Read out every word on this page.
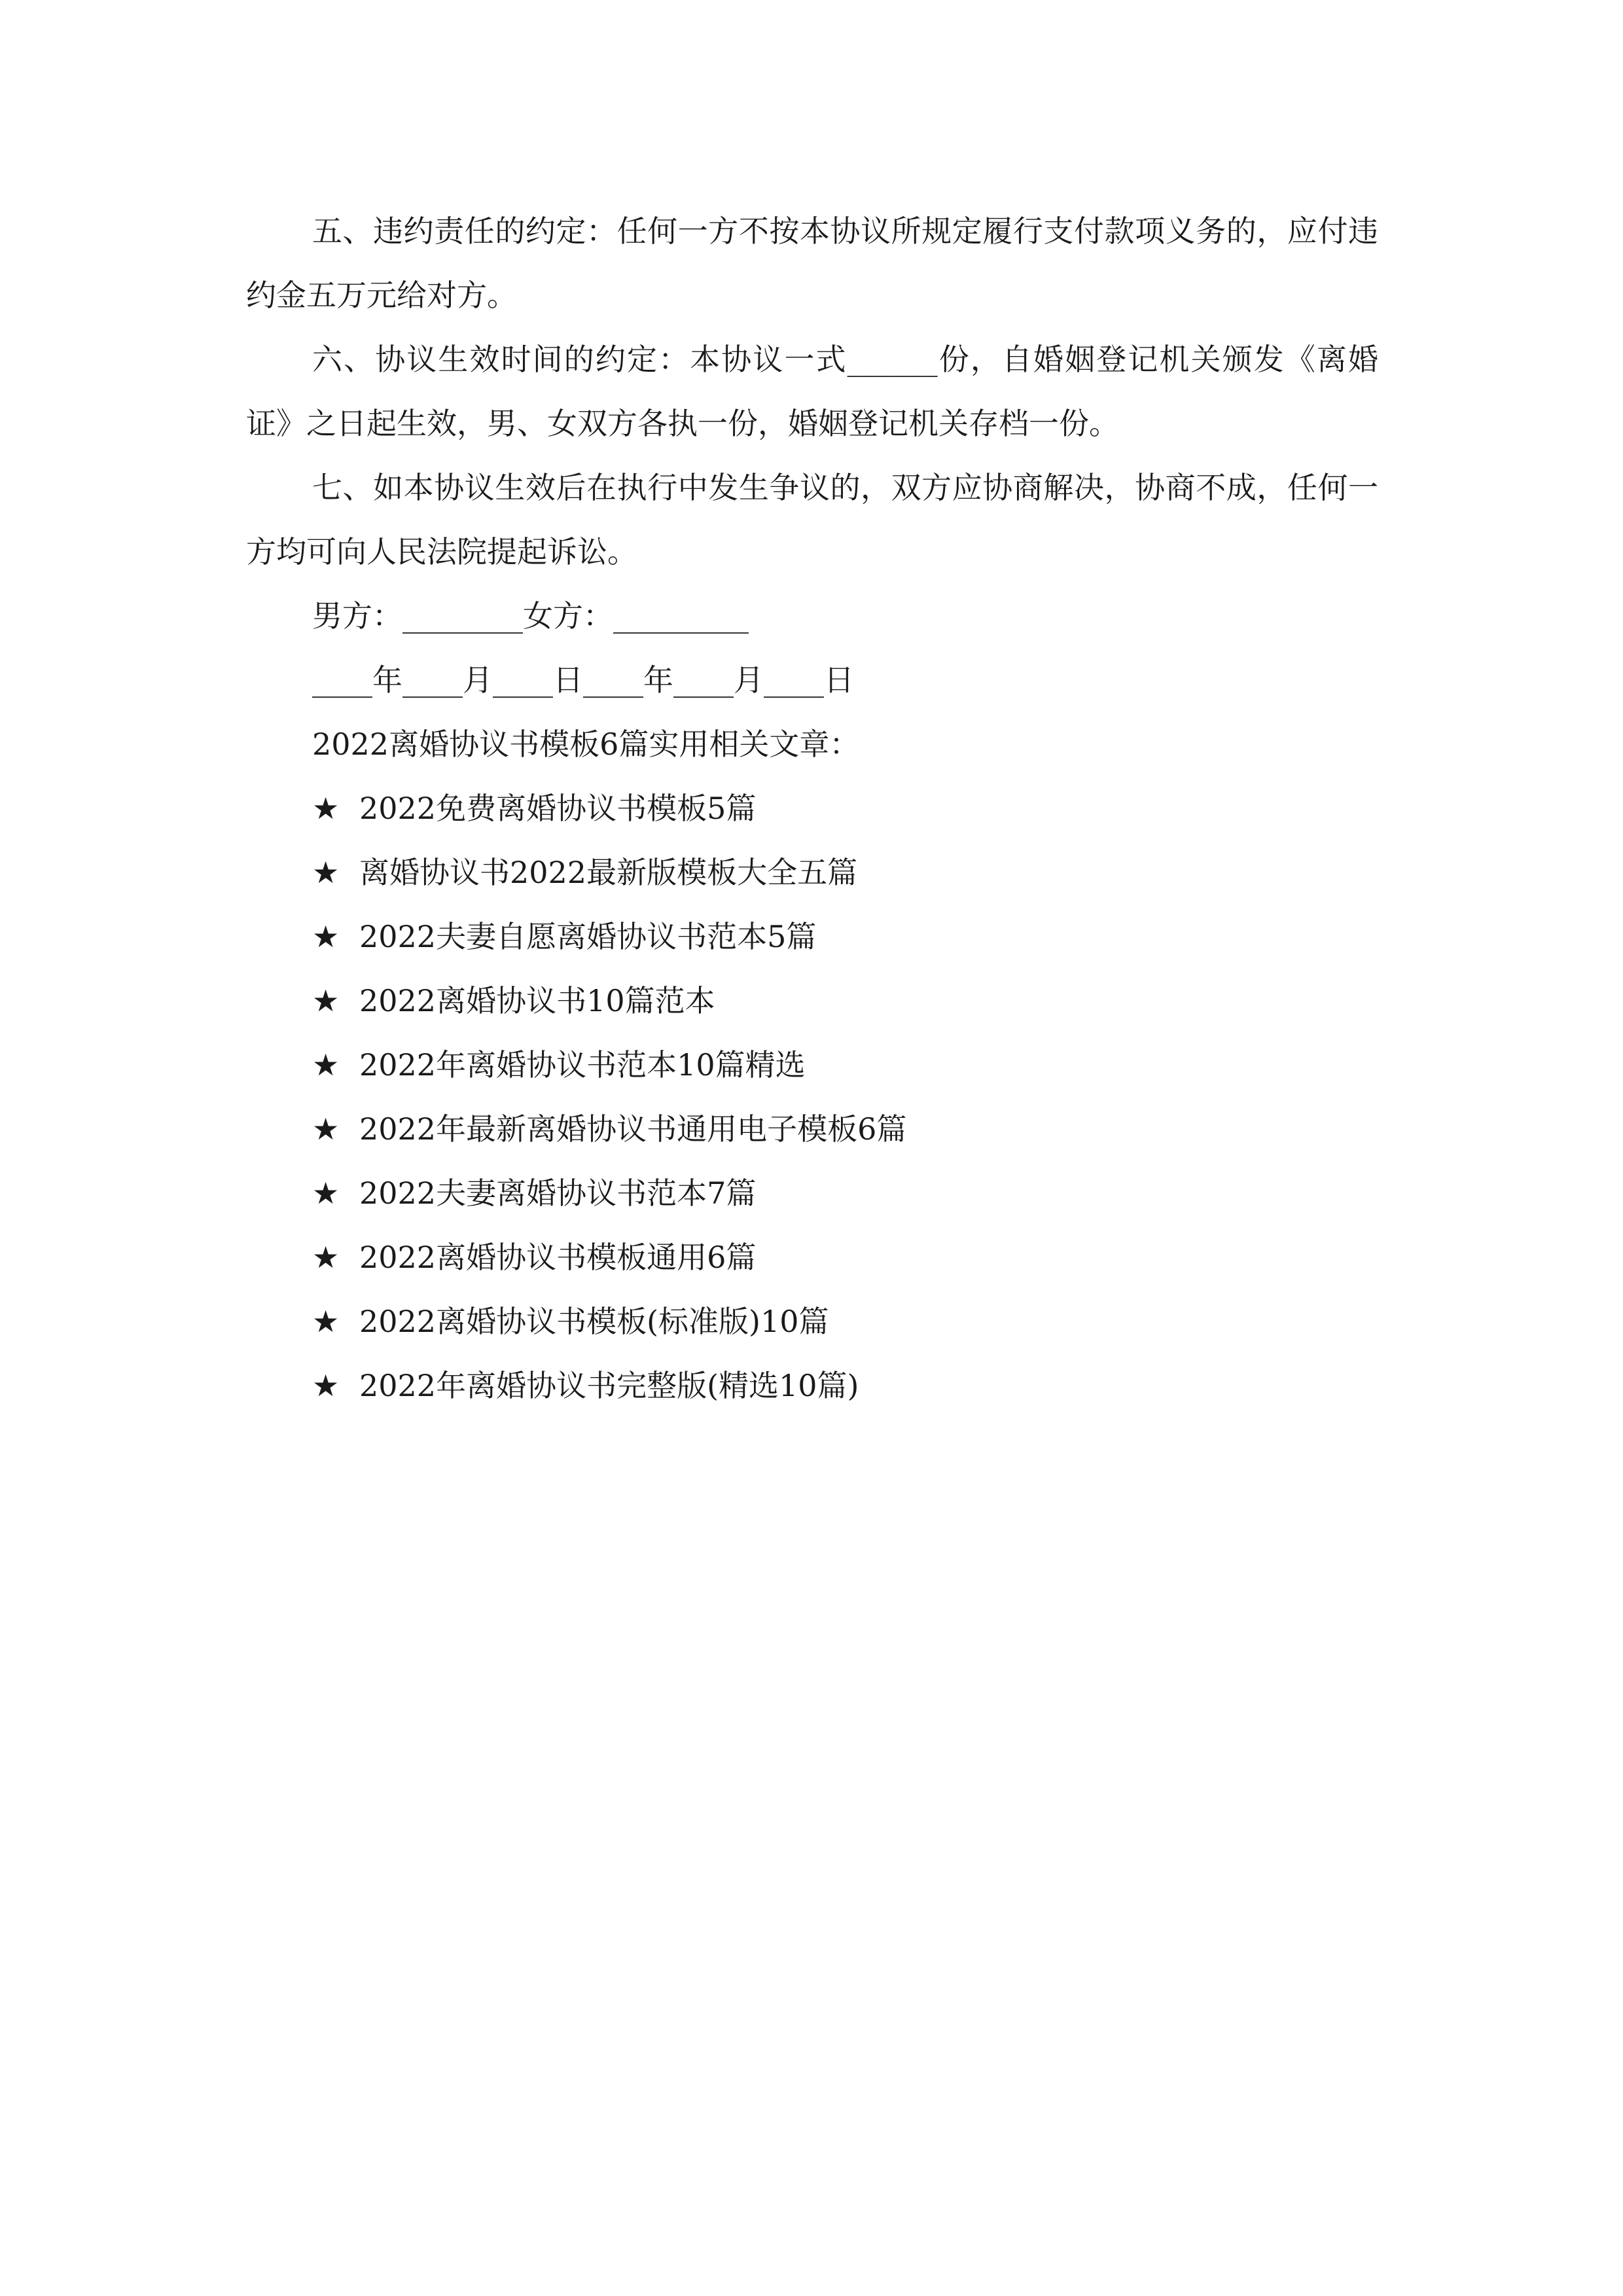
五、违约责任的约定：任何一方不按本协议所规定履行支付款项义务的，应付违约金五万元给对方。

六、协议生效时间的约定：本协议一式______份，自婚姻登记机关颁发《离婚证》之日起生效，男、女双方各执一份，婚姻登记机关存档一份。

七、如本协议生效后在执行中发生争议的，双方应协商解决，协商不成，任何一方均可向人民法院提起诉讼。

男方：________女方：_________

____年____月____日____年____月____日

2022离婚协议书模板6篇实用相关文章：

★ 2022免费离婚协议书模板5篇
★ 离婚协议书2022最新版模板大全五篇
★ 2022夫妻自愿离婚协议书范本5篇
★ 2022离婚协议书10篇范本
★ 2022年离婚协议书范本10篇精选
★ 2022年最新离婚协议书通用电子模板6篇
★ 2022夫妻离婚协议书范本7篇
★ 2022离婚协议书模板通用6篇
★ 2022离婚协议书模板(标准版)10篇
★ 2022年离婚协议书完整版(精选10篇)
